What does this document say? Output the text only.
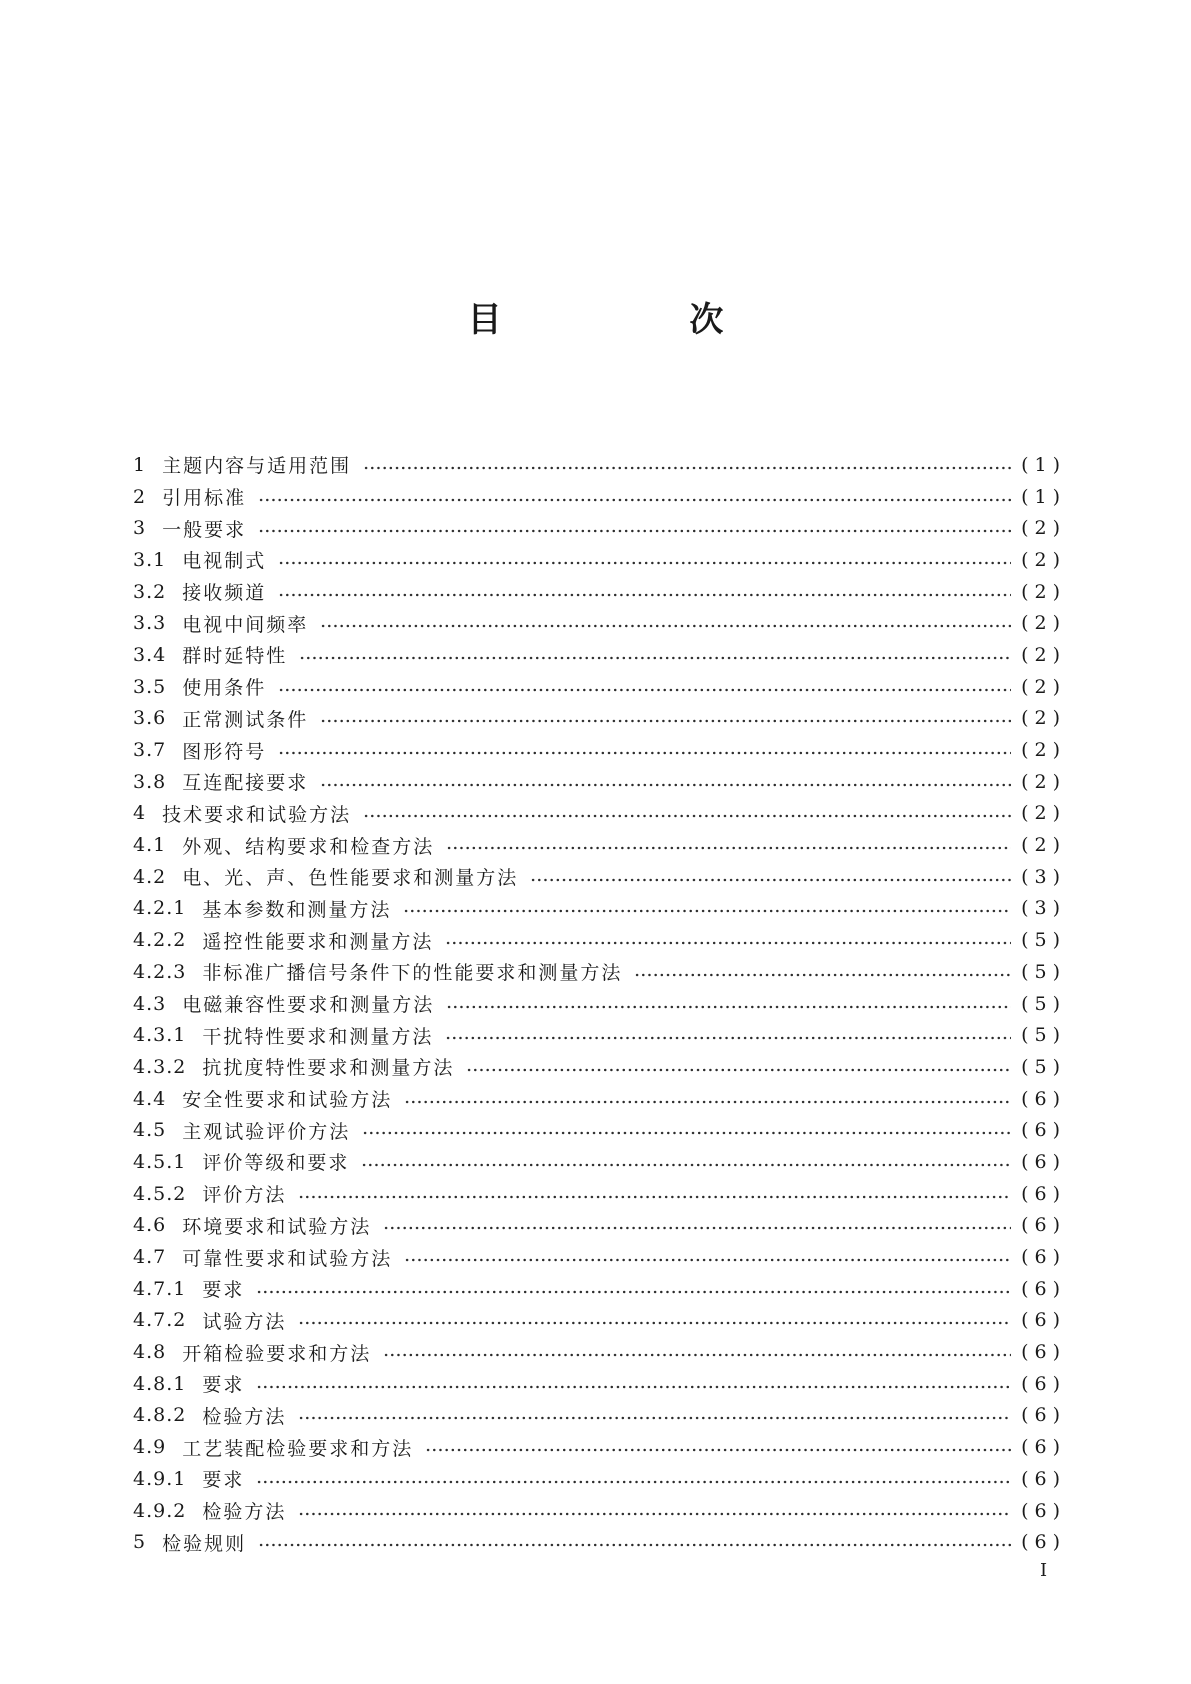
目 次
1 主题内容与适用范围	(1)
2 引用标准	(1)
3 一般要求	(2)
3.1 电视制式	(2)
3.2 接收频道	(2)
3.3 电视中间频率	(2)
3.4 群时延特性	(2)
3.5 使用条件	(2)
3.6 正常测试条件	(2)
3.7 图形符号	(2)
3.8 互连配接要求	(2)
4 技术要求和试验方法	(2)
4.1 外观、结构要求和检查方法	(2)
4.2 电、光、声、色性能要求和测量方法	(3)
4.2.1 基本参数和测量方法	(3)
4.2.2 遥控性能要求和测量方法	(5)
4.2.3 非标准广播信号条件下的性能要求和测量方法	(5)
4.3 电磁兼容性要求和测量方法	(5)
4.3.1 干扰特性要求和测量方法	(5)
4.3.2 抗扰度特性要求和测量方法	(5)
4.4 安全性要求和试验方法	(6)
4.5 主观试验评价方法	(6)
4.5.1 评价等级和要求	(6)
4.5.2 评价方法	(6)
4.6 环境要求和试验方法	(6)
4.7 可靠性要求和试验方法	(6)
4.7.1 要求	(6)
4.7.2 试验方法	(6)
4.8 开箱检验要求和方法	(6)
4.8.1 要求	(6)
4.8.2 检验方法	(6)
4.9 工艺装配检验要求和方法	(6)
4.9.1 要求	(6)
4.9.2 检验方法	(6)
5 检验规则	(6)
I
